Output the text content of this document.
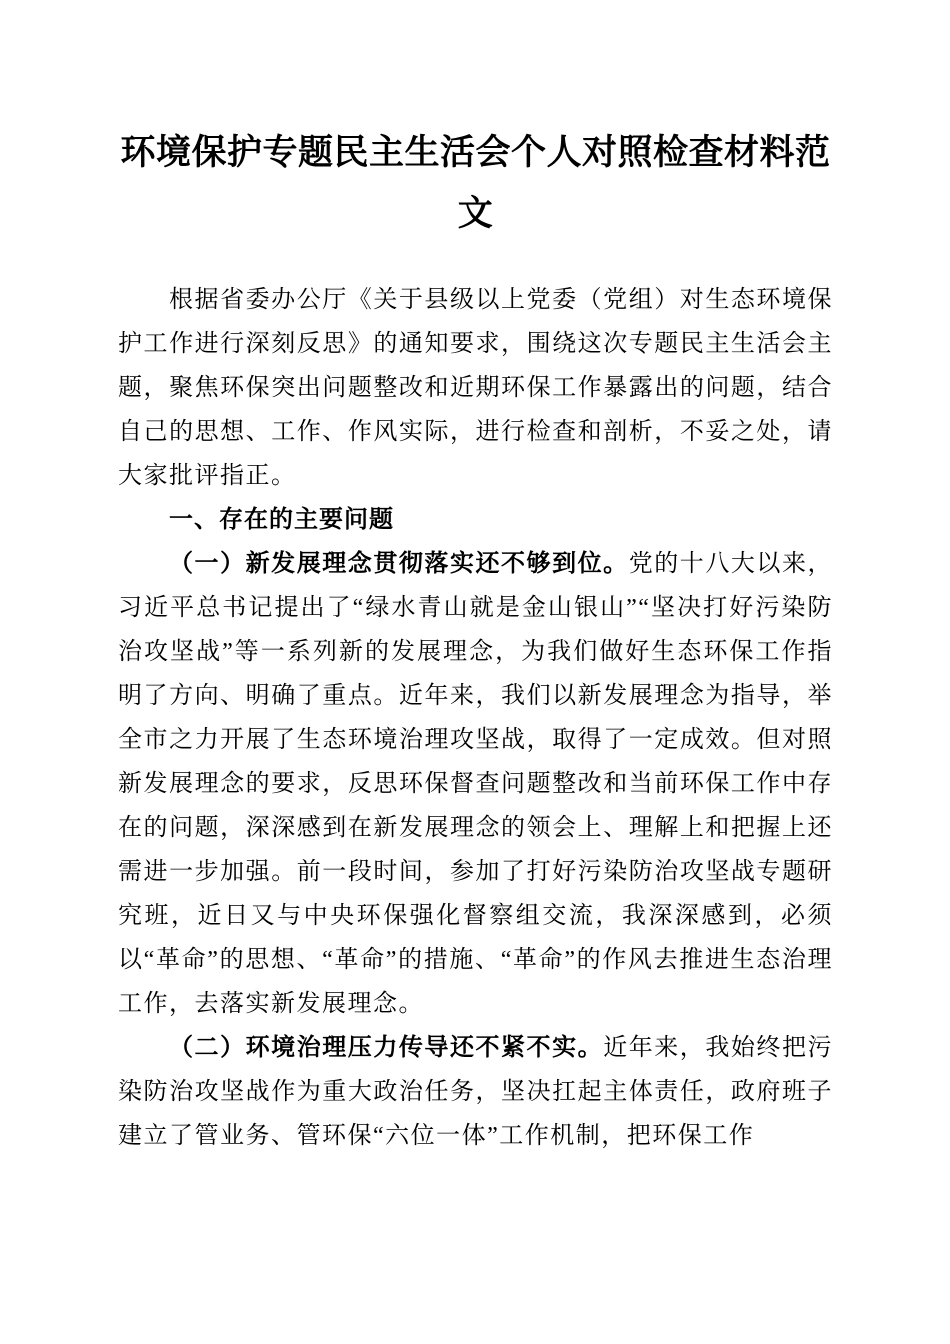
环境保护专题民主生活会个人对照检查材料范文

根据省委办公厅《关于县级以上党委（党组）对生态环境保护工作进行深刻反思》的通知要求，围绕这次专题民主生活会主题，聚焦环保突出问题整改和近期环保工作暴露出的问题，结合自己的思想、工作、作风实际，进行检查和剖析，不妥之处，请大家批评指正。

一、存在的主要问题

（一）新发展理念贯彻落实还不够到位。党的十八大以来，习近平总书记提出了“绿水青山就是金山银山”“坚决打好污染防治攻坚战”等一系列新的发展理念，为我们做好生态环保工作指明了方向、明确了重点。近年来，我们以新发展理念为指导，举全市之力开展了生态环境治理攻坚战，取得了一定成效。但对照新发展理念的要求，反思环保督查问题整改和当前环保工作中存在的问题，深深感到在新发展理念的领会上、理解上和把握上还需进一步加强。前一段时间，参加了打好污染防治攻坚战专题研究班，近日又与中央环保强化督察组交流，我深深感到，必须以“革命”的思想、“革命”的措施、“革命”的作风去推进生态治理工作，去落实新发展理念。

（二）环境治理压力传导还不紧不实。近年来，我始终把污染防治攻坚战作为重大政治任务，坚决扛起主体责任，政府班子建立了管业务、管环保“六位一体”工作机制，把环保工作
